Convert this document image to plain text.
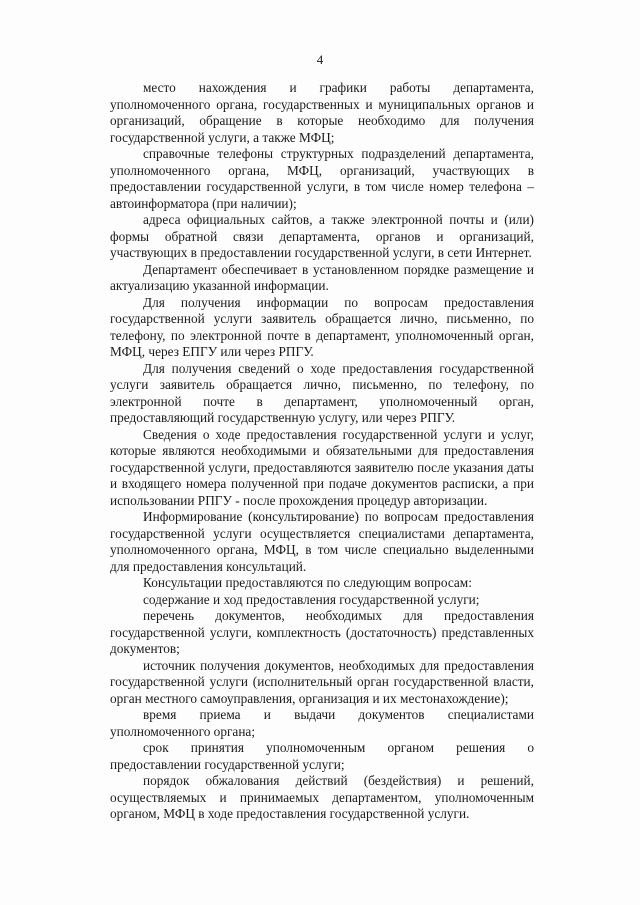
4

место нахождения и графики работы департамента, уполномоченного органа, государственных и муниципальных органов и организаций, обращение в которые необходимо для получения государственной услуги, а также МФЦ;

справочные телефоны структурных подразделений департамента, уполномоченного органа, МФЦ, организаций, участвующих в предоставлении государственной услуги, в том числе номер телефона – автоинформатора (при наличии);

адреса официальных сайтов, а также электронной почты и (или) формы обратной связи департамента, органов и организаций, участвующих в предоставлении государственной услуги, в сети Интернет.

Департамент обеспечивает в установленном порядке размещение и актуализацию указанной информации.

Для получения информации по вопросам предоставления государственной услуги заявитель обращается лично, письменно, по телефону, по электронной почте в департамент, уполномоченный орган, МФЦ, через ЕПГУ или через РПГУ.

Для получения сведений о ходе предоставления государственной услуги заявитель обращается лично, письменно, по телефону, по электронной почте в департамент, уполномоченный орган, предоставляющий государственную услугу, или через РПГУ.

Сведения о ходе предоставления государственной услуги и услуг, которые являются необходимыми и обязательными для предоставления государственной услуги, предоставляются заявителю после указания даты и входящего номера полученной при подаче документов расписки, а при использовании РПГУ - после прохождения процедур авторизации.

Информирование (консультирование) по вопросам предоставления государственной услуги осуществляется специалистами департамента, уполномоченного органа, МФЦ, в том числе специально выделенными для предоставления консультаций.

Консультации предоставляются по следующим вопросам:

содержание и ход предоставления государственной услуги;

перечень документов, необходимых для предоставления государственной услуги, комплектность (достаточность) представленных документов;

источник получения документов, необходимых для предоставления государственной услуги (исполнительный орган государственной власти, орган местного самоуправления, организация и их местонахождение);

время приема и выдачи документов специалистами уполномоченного органа;

срок принятия уполномоченным органом решения о предоставлении государственной услуги;

порядок обжалования действий (бездействия) и решений, осуществляемых и принимаемых департаментом, уполномоченным органом, МФЦ в ходе предоставления государственной услуги.
